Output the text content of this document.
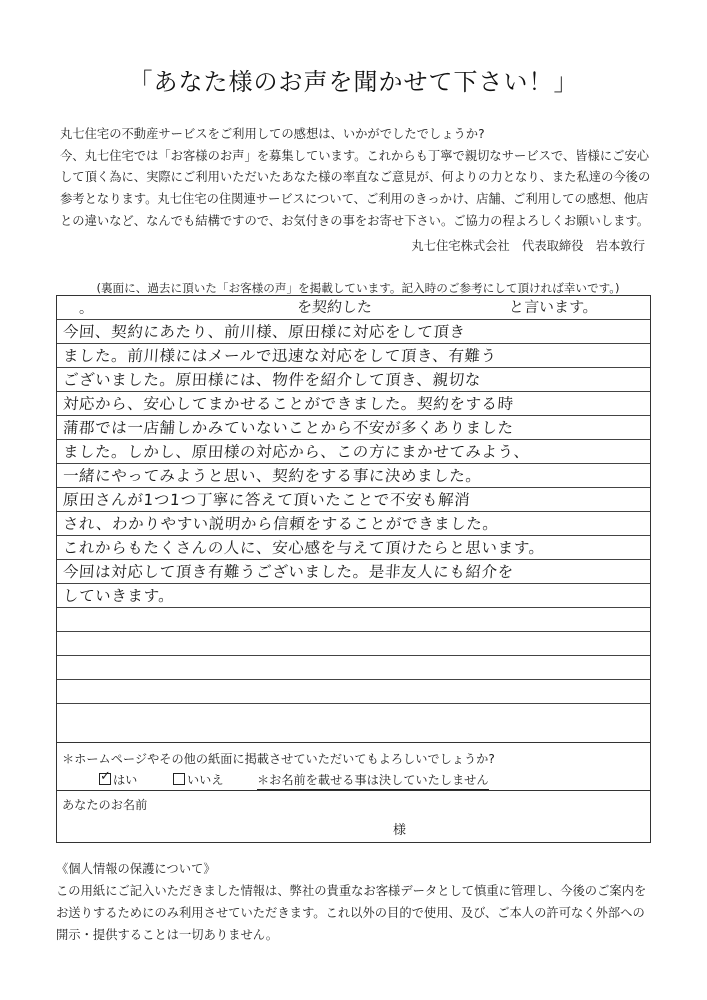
「あなた様のお声を聞かせて下さい！」

丸七住宅の不動産サービスをご利用しての感想は、いかがでしたでしょうか?

今、丸七住宅では「お客様のお声」を募集しています。これからも丁寧で親切なサービスで、皆様にご安心

して頂く為に、実際にご利用いただいたあなた様の率直なご意見が、何よりの力となり、また私達の今後の

参考となります。丸七住宅の住関連サービスについて、ご利用のきっかけ、店舗、ご利用しての感想、他店

との違いなど、なんでも結構ですので、お気付きの事をお寄せ下さい。ご協力の程よろしくお願いします。

丸七住宅株式会社　代表取締役　岩本敦行
(裏面に、過去に頂いた「お客様の声」を掲載しています。記入時のご参考にして頂ければ幸いです。)
。	を契約した	と言います。
今回、契約にあたり、前川様、原田様に対応をして頂き
ました。前川様にはメールで迅速な対応をして頂き、有難う
ございました。原田様には、物件を紹介して頂き、親切な
対応から、安心してまかせることができました。契約をする時
蒲郡では一店舗しかみていないことから不安が多くありました
ました。しかし、原田様の対応から、この方にまかせてみよう、
一緒にやってみようと思い、契約をする事に決めました。
原田さんが1つ1つ丁寧に答えて頂いたことで不安も解消
され、わかりやすい説明から信頼をすることができました。
これからもたくさんの人に、安心感を与えて頂けたらと思います。
今回は対応して頂き有難うございました。是非友人にも紹介を
していきます。
＊ホームページやその他の紙面に掲載させていただいてもよろしいでしょうか?
✓ はい	いいえ	＊お名前を載せる事は決していたしません
あなたのお名前
様

《個人情報の保護について》

この用紙にご記入いただきました情報は、弊社の貴重なお客様データとして慎重に管理し、今後のご案内を

お送りするためにのみ利用させていただきます。これ以外の目的で使用、及び、ご本人の許可なく外部への

開示・提供することは一切ありません。
